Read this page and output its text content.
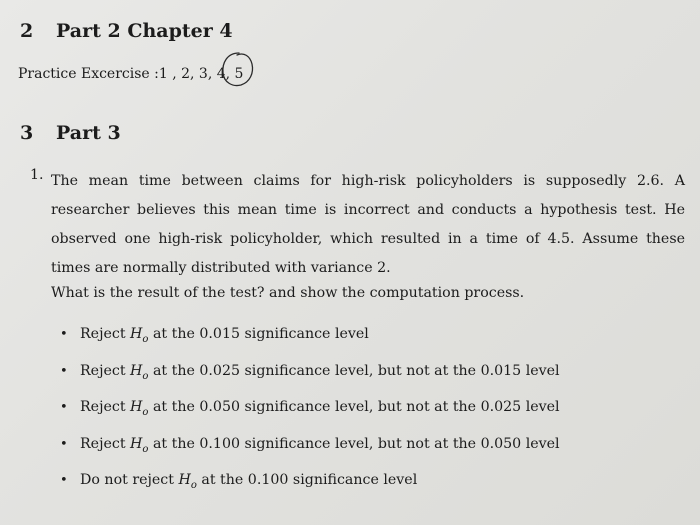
2	Part 2 Chapter 4
Practice Excercise :1 , 2, 3, 4, 5
3	Part 3
1. The mean time between claims for high-risk policyholders is supposedly 2.6. A researcher believes this mean time is incorrect and conducts a hypothesis test. He observed one high-risk policyholder, which resulted in a time of 4.5. Assume these times are normally distributed with variance 2.
What is the result of the test? and show the computation process.
• Reject $H_o$ at the 0.015 significance level
• Reject $H_o$ at the 0.025 significance level, but not at the 0.015 level
• Reject $H_o$ at the 0.050 significance level, but not at the 0.025 level
• Reject $H_o$ at the 0.100 significance level, but not at the 0.050 level
• Do not reject $H_o$ at the 0.100 significance level
